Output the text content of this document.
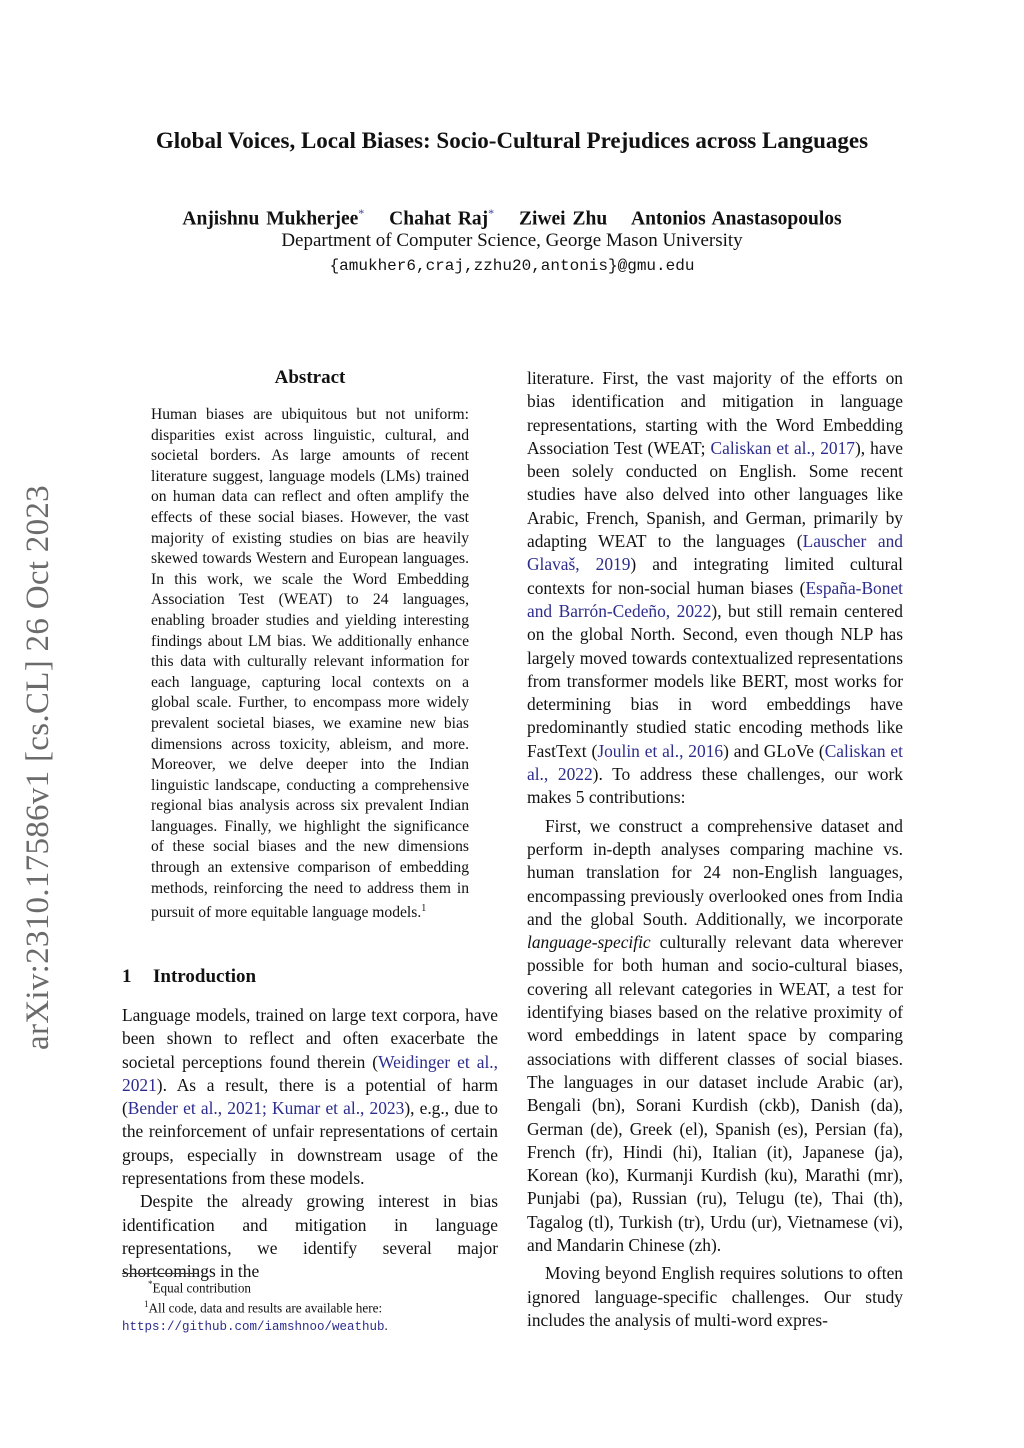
arXiv:2310.17586v1 [cs.CL] 26 Oct 2023
Global Voices, Local Biases: Socio-Cultural Prejudices across Languages
Anjishnu Mukherjee* Chahat Raj* Ziwei Zhu Antonios Anastasopoulos
Department of Computer Science, George Mason University
{amukher6,craj,zzhu20,antonis}@gmu.edu
Abstract
Human biases are ubiquitous but not uniform: disparities exist across linguistic, cultural, and societal borders. As large amounts of recent literature suggest, language models (LMs) trained on human data can reflect and often amplify the effects of these social biases. However, the vast majority of existing studies on bias are heavily skewed towards Western and European languages. In this work, we scale the Word Embedding Association Test (WEAT) to 24 languages, enabling broader studies and yielding interesting findings about LM bias. We additionally enhance this data with culturally relevant information for each language, capturing local contexts on a global scale. Further, to encompass more widely prevalent societal biases, we examine new bias dimensions across toxicity, ableism, and more. Moreover, we delve deeper into the Indian linguistic landscape, conducting a comprehensive regional bias analysis across six prevalent Indian languages. Finally, we highlight the significance of these social biases and the new dimensions through an extensive comparison of embedding methods, reinforcing the need to address them in pursuit of more equitable language models.$^1$
1 Introduction

Language models, trained on large text corpora, have been shown to reflect and often exacerbate the societal perceptions found therein (Weidinger et al., 2021). As a result, there is a potential of harm (Bender et al., 2021; Kumar et al., 2023), e.g., due to the reinforcement of unfair representations of certain groups, especially in downstream usage of the representations from these models.

Despite the already growing interest in bias identification and mitigation in language representations, we identify several major shortcomings in the

literature. First, the vast majority of the efforts on bias identification and mitigation in language representations, starting with the Word Embedding Association Test (WEAT; Caliskan et al., 2017), have been solely conducted on English. Some recent studies have also delved into other languages like Arabic, French, Spanish, and German, primarily by adapting WEAT to the languages (Lauscher and Glavaš, 2019) and integrating limited cultural contexts for non-social human biases (España-Bonet and Barrón-Cedeño, 2022), but still remain centered on the global North. Second, even though NLP has largely moved towards contextualized representations from transformer models like BERT, most works for determining bias in word embeddings have predominantly studied static encoding methods like FastText (Joulin et al., 2016) and GLoVe (Caliskan et al., 2022). To address these challenges, our work makes 5 contributions:

First, we construct a comprehensive dataset and perform in-depth analyses comparing machine vs. human translation for 24 non-English languages, encompassing previously overlooked ones from India and the global South. Additionally, we incorporate language-specific culturally relevant data wherever possible for both human and socio-cultural biases, covering all relevant categories in WEAT, a test for identifying biases based on the relative proximity of word embeddings in latent space by comparing associations with different classes of social biases. The languages in our dataset include Arabic (ar), Bengali (bn), Sorani Kurdish (ckb), Danish (da), German (de), Greek (el), Spanish (es), Persian (fa), French (fr), Hindi (hi), Italian (it), Japanese (ja), Korean (ko), Kurmanji Kurdish (ku), Marathi (mr), Punjabi (pa), Russian (ru), Telugu (te), Thai (th), Tagalog (tl), Turkish (tr), Urdu (ur), Vietnamese (vi), and Mandarin Chinese (zh).

Moving beyond English requires solutions to often ignored language-specific challenges. Our study includes the analysis of multi-word expres-

*Equal contribution

$^1$All code, data and results are available here: https://github.com/iamshnoo/weathub.
